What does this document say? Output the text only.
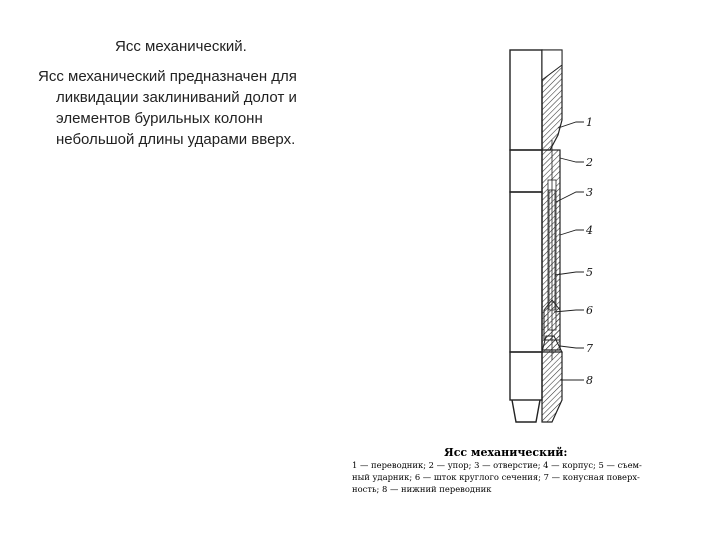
Ясс механический.
Ясс механический предназначен для
ликвидации заклиниваний долот и элементов бурильных колонн небольшой длины ударами вверх.
1
2
3
4
5
6
7
8
Ясс механический:
1 — переводник; 2 — упор; 3 — отверстие; 4 — корпус; 5 — съем-
ный ударник; 6 — шток круглого сечения; 7 — конусная поверх-
ность; 8 — нижний переводник
